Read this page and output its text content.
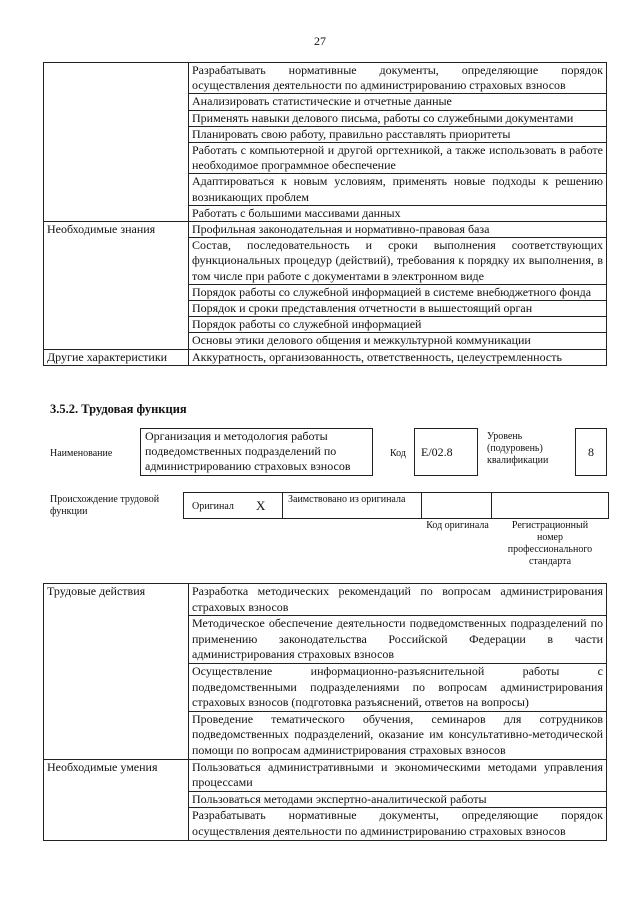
27
	Разрабатывать нормативные документы, определяющие порядок осуществления деятельности по администрированию страховых взносов
	Анализировать статистические и отчетные данные
	Применять навыки делового письма, работы со служебными документами
	Планировать свою работу, правильно расставлять приоритеты
	Работать с компьютерной и другой оргтехникой, а также использовать в работе необходимое программное обеспечение
	Адаптироваться к новым условиям, применять новые подходы к решению возникающих проблем
	Работать с большими массивами данных
Необходимые знания	Профильная законодательная и нормативно-правовая база
	Состав, последовательность и сроки выполнения соответствующих функциональных процедур (действий), требования к порядку их выполнения, в том числе при работе с документами в электронном виде
	Порядок работы со служебной информацией в системе внебюджетного фонда
	Порядок и сроки представления отчетности в вышестоящий орган
	Порядок работы со служебной информацией
	Основы этики делового общения и межкультурной коммуникации
Другие характеристики	Аккуратность, организованность, ответственность, целеустремленность
3.5.2. Трудовая функция
Наименование
Организация и методология работы подведомственных подразделений по администрированию страховых взносов
Код	E/02.8
Уровень (подуровень) квалификации
8
Происхождение трудовой функции	Оригинал X Заимствовано из оригинала
Код оригинала	Регистрационный номер профессионального стандарта
Трудовые действия	Разработка методических рекомендаций по вопросам администрирования страховых взносов
	Методическое обеспечение деятельности подведомственных подразделений по применению законодательства Российской Федерации в части администрирования страховых взносов
	Осуществление информационно-разъяснительной работы с подведомственными подразделениями по вопросам администрирования страховых взносов (подготовка разъяснений, ответов на вопросы)
	Проведение тематического обучения, семинаров для сотрудников подведомственных подразделений, оказание им консультативно-методической помощи по вопросам администрирования страховых взносов
Необходимые умения	Пользоваться административными и экономическими методами управления процессами
	Пользоваться методами экспертно-аналитической работы
	Разрабатывать нормативные документы, определяющие порядок осуществления деятельности по администрированию страховых взносов
